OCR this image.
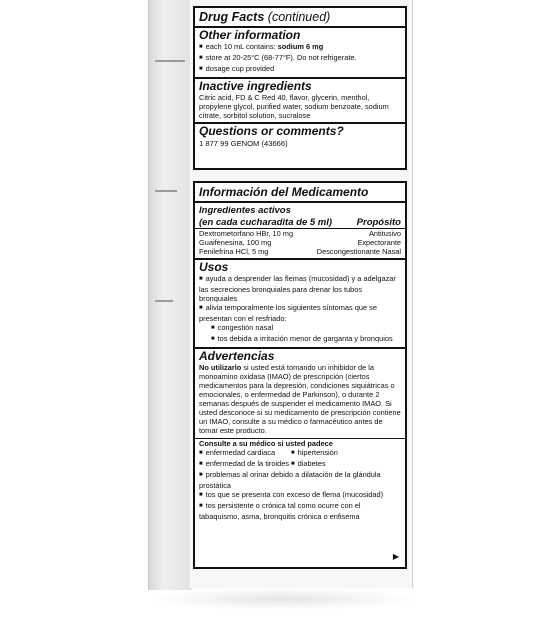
Drug Facts (continued)
Other information
■ each 10 mL contains: sodium 6 mg
■ store at 20-25°C (68-77°F). Do not refrigerate.
■ dosage cup provided
Inactive ingredients
Citric acid, FD & C Red 40, flavor, glycerin, menthol, propylene glycol, purified water, sodium benzoate, sodium citrate, sorbitol solution, sucralose
Questions or comments?
1 877 99 GENOM (43666)
Información del Medicamento
Ingredientes activos
(en cada cucharadita de 5 ml)	Propósito
Dextrometorfano HBr, 10 mg	Antitusivo
Guaifenesina, 100 mg	Expectorante
Fenilefrina HCl, 5 mg	Descongestionante Nasal
Usos
■ ayuda a desprender las flemas (mucosidad) y a adelgazar las secreciones bronquiales para drenar los tubos bronquiales
■ alivia temporalmente los siguientes síntomas que se presentan con el resfriado:
■ congestión nasal
■ tos debida a irritación menor de garganta y bronquios
Advertencias
No utilizarlo si usted está tomando un inhibidor de la monoamino oxidasa (IMAO) de prescripción (ciertos medicamentos para la depresión, condiciones siquiátricas o emocionales, o enfermedad de Parkinson), o durante 2 semanas después de suspender el medicamento IMAO. Si usted desconoce si su medicamento de prescripción contiene un IMAO, consulte a su médico o farmacéutico antes de tomar este producto.
Consulte a su médico si usted padece
■ enfermedad cardiaca	■ hipertensión
■ enfermedad de la tiroides	■ diabetes
■ problemas al orinar debido a dilatación de la glándula prostática
■ tos que se presenta con exceso de flema (mucosidad)
■ tos persistente o crónica tal como ocurre con el tabaquismo, asma, bronquitis crónica o enfisema
▶
